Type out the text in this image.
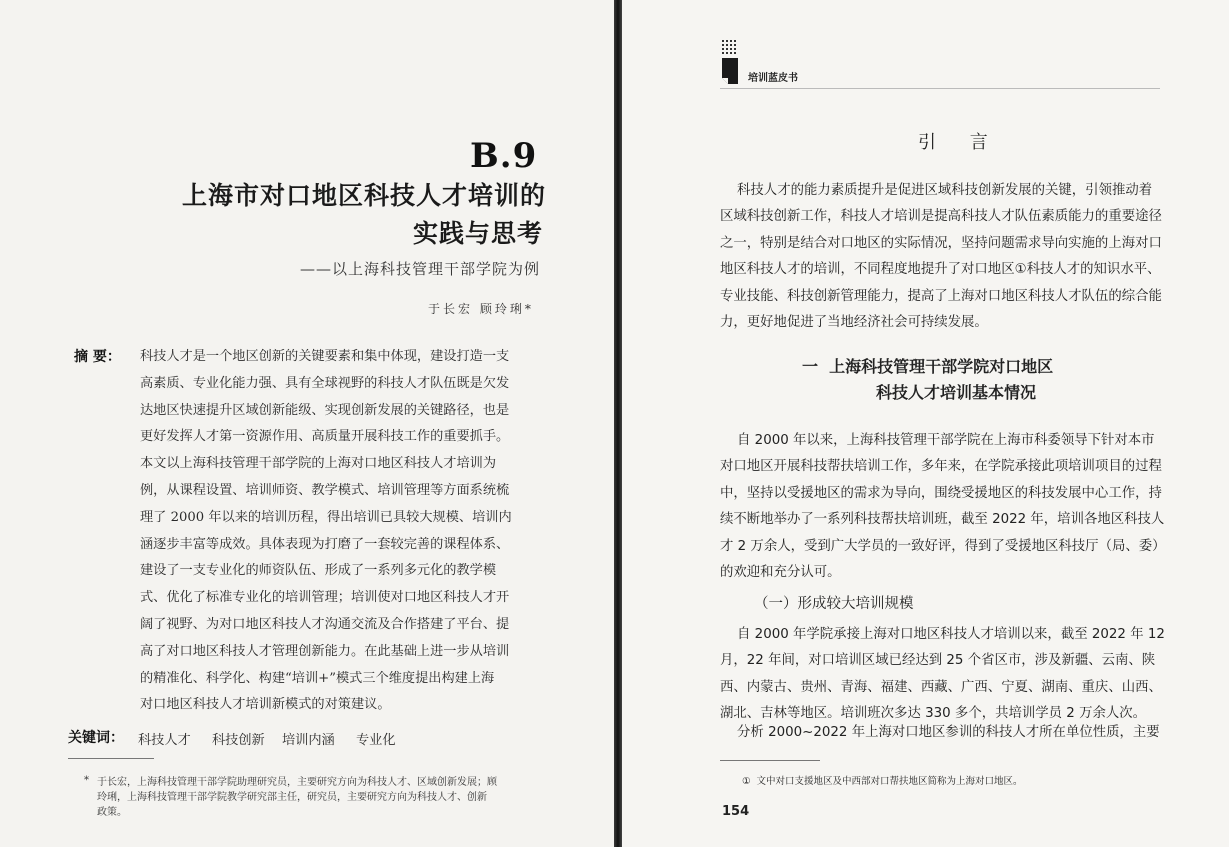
B.9
上海市对口地区科技人才培训的
实践与思考
——以上海科技管理干部学院为例
于长宏 顾玲琍*
摘 要： 科技人才是一个地区创新的关键要素和集中体现，建设打造一支
高素质、专业化能力强、具有全球视野的科技人才队伍既是欠发
达地区快速提升区域创新能级、实现创新发展的关键路径，也是
更好发挥人才第一资源作用、高质量开展科技工作的重要抓手。
本文以上海科技管理干部学院的上海对口地区科技人才培训为
例，从课程设置、培训师资、教学模式、培训管理等方面系统梳
理了 2000 年以来的培训历程，得出培训已具较大规模、培训内
涵逐步丰富等成效。具体表现为打磨了一套较完善的课程体系、
建设了一支专业化的师资队伍、形成了一系列多元化的教学模
式、优化了标准专业化的培训管理；培训使对口地区科技人才开
阔了视野、为对口地区科技人才沟通交流及合作搭建了平台、提
高了对口地区科技人才管理创新能力。在此基础上进一步从培训
的精准化、科学化、构建“培训+”模式三个维度提出构建上海
对口地区科技人才培训新模式的对策建议。
关键词： 科技人才 科技创新 培训内涵 专业化
* 于长宏，上海科技管理干部学院助理研究员，主要研究方向为科技人才、区域创新发展；顾
玲琍，上海科技管理干部学院教学研究部主任，研究员，主要研究方向为科技人才、创新
政策。
培训蓝皮书
引 言
科技人才的能力素质提升是促进区域科技创新发展的关键，引领推动着
区域科技创新工作，科技人才培训是提高科技人才队伍素质能力的重要途径
之一，特别是结合对口地区的实际情况，坚持问题需求导向实施的上海对口
地区科技人才的培训，不同程度地提升了对口地区①科技人才的知识水平、
专业技能、科技创新管理能力，提高了上海对口地区科技人才队伍的综合能
力，更好地促进了当地经济社会可持续发展。
一  上海科技管理干部学院对口地区
科技人才培训基本情况
自 2000 年以来，上海科技管理干部学院在上海市科委领导下针对本市
对口地区开展科技帮扶培训工作，多年来，在学院承接此项培训项目的过程
中，坚持以受援地区的需求为导向，围绕受援地区的科技发展中心工作，持
续不断地举办了一系列科技帮扶培训班，截至 2022 年，培训各地区科技人
才 2 万余人，受到广大学员的一致好评，得到了受援地区科技厅（局、委）
的欢迎和充分认可。
（一）形成较大培训规模
自 2000 年学院承接上海对口地区科技人才培训以来，截至 2022 年 12
月，22 年间，对口培训区域已经达到 25 个省区市，涉及新疆、云南、陕
西、内蒙古、贵州、青海、福建、西藏、广西、宁夏、湖南、重庆、山西、
湖北、吉林等地区。培训班次多达 330 多个，共培训学员 2 万余人次。
分析 2000~2022 年上海对口地区参训的科技人才所在单位性质，主要
①  文中对口支援地区及中西部对口帮扶地区简称为上海对口地区。
154
